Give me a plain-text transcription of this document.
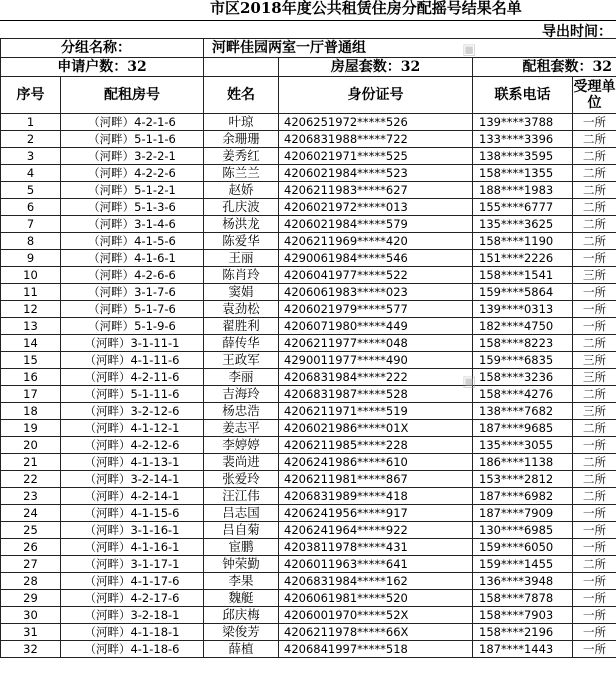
市区2018年度公共租赁住房分配摇号结果名单
导出时间：
分组名称：		河畔佳园两室一厅普通组			
申请户数：32			房屋套数：32	配租套数：32	
序号	配租房号	姓名	身份证号	联系电话	受理单位
1	（河畔）4-2-1-6	叶琼	4206251972*****526	139****3788	一所
2	（河畔）5-1-1-6	余珊珊	4206831988*****722	133****3396	二所
3	（河畔）3-2-2-1	姜秀红	4206021971*****525	138****3595	二所
4	（河畔）4-2-2-6	陈兰兰	4206021984*****523	158****1355	二所
5	（河畔）5-1-2-1	赵娇	4206211983*****627	188****1983	二所
6	（河畔）5-1-3-6	孔庆波	4206021972*****013	155****6777	二所
7	（河畔）3-1-4-6	杨洪龙	4206021984*****579	135****3625	二所
8	（河畔）4-1-5-6	陈爱华	4206211969*****420	158****1190	二所
9	（河畔）4-1-6-1	王丽	4290061984*****546	151****2226	一所
10	（河畔）4-2-6-6	陈肖玲	4206041977*****522	158****1541	三所
11	（河畔）3-1-7-6	窦娟	4206061983*****023	159****5864	一所
12	（河畔）5-1-7-6	袁劲松	4206021979*****577	139****0313	一所
13	（河畔）5-1-9-6	翟胜利	4206071980*****449	182****4750	一所
14	（河畔）3-1-11-1	薛传华	4206211977*****048	158****8223	二所
15	（河畔）4-1-11-6	王政军	4290011977*****490	159****6835	三所
16	（河畔）4-2-11-6	李丽	4206831984*****222	158****3236	三所
17	（河畔）5-1-11-6	吉海玲	4206831987*****528	158****4276	二所
18	（河畔）3-2-12-6	杨忠浩	4206211971*****519	138****7682	三所
19	（河畔）4-1-12-1	姜志平	4206021986*****01X	187****9685	二所
20	（河畔）4-2-12-6	李婷婷	4206211985*****228	135****3055	一所
21	（河畔）4-1-13-1	裴尚进	4206241986*****610	186****1138	二所
22	（河畔）3-2-14-1	张爱玲	4206211981*****867	153****2812	二所
23	（河畔）4-2-14-1	汪江伟	4206831989*****418	187****6982	二所
24	（河畔）4-1-15-6	吕志国	4206241956*****917	187****7909	一所
25	（河畔）3-1-16-1	吕自菊	4206241964*****922	130****6985	一所
26	（河畔）4-1-16-1	宦鹏	4203811978*****431	159****6050	一所
27	（河畔）3-1-17-1	钟荣勤	4206011963*****641	159****1455	二所
28	（河畔）4-1-17-6	李果	4206831984*****162	136****3948	一所
29	（河畔）4-2-17-6	魏艇	4206061981*****520	158****7878	一所
30	（河畔）3-2-18-1	邱庆梅	4206001970*****52X	158****7903	一所
31	（河畔）4-1-18-1	梁俊芳	4206211978*****66X	158****2196	一所
32	（河畔）4-1-18-6	薛植	4206841997*****518	187****1443	一所
▣
▣
